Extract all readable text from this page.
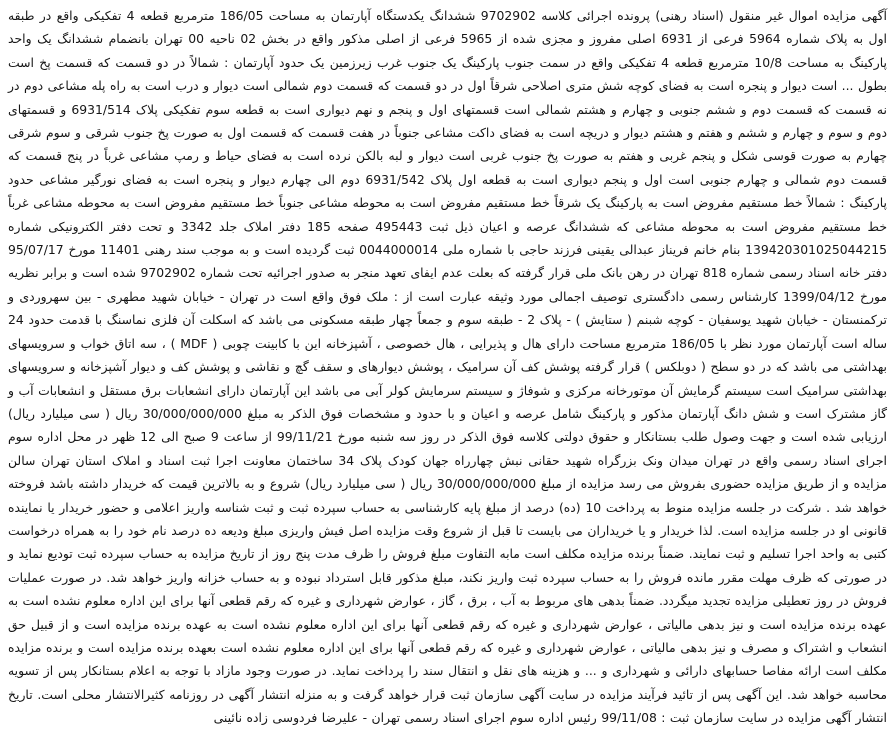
آگهی مزایده اموال غیر منقول (اسناد رهنی) پرونده اجرائی کلاسه 9702902 ششدانگ یکدستگاه آپارتمان به مساحت 186/05 مترمربع قطعه 4 تفکیکی واقع در طبقه اول به پلاک شماره 5964 فرعی از 6931 اصلی مفروز و مجزی شده از 5965 فرعی از اصلی مذکور واقع در بخش 02 ناحیه 00 تهران بانضمام ششدانگ یک واحد پارکینگ به مساحت 10/8 مترمربع قطعه 4 تفکیکی واقع در سمت جنوب پارکینگ یک جنوب غرب زیرزمین یک حدود آپارتمان : شمالاً در دو قسمت که قسمت پخ است بطول ... است دیوار و پنجره است به فضای کوچه شش متری اصلاحی شرقاً اول در دو قسمت که قسمت دوم شمالی است دیوار و درب است به راه پله مشاعی دوم در نه قسمت که قسمت دوم و ششم جنوبی و چهارم و هشتم شمالی است قسمتهای اول و پنجم و نهم دیواری است به قطعه سوم تفکیکی پلاک 6931/514 و قسمتهای دوم و سوم و چهارم و ششم و هفتم و هشتم دیوار و دریچه است به فضای داکت مشاعی جنوباً در هفت قسمت که قسمت اول به صورت پخ جنوب شرقی و سوم شرقی چهارم به صورت قوسی شکل و پنجم غربی و هفتم به صورت پخ جنوب غربی است دیوار و لبه بالکن نرده است به فضای حیاط و رمپ مشاعی غرباً در پنج قسمت که قسمت دوم شمالی و چهارم جنوبی است اول و پنجم دیواری است به قطعه اول پلاک 6931/542 دوم الی چهارم دیوار و پنجره است به فضای نورگیر مشاعی حدود پارکینگ : شمالاً خط مستقیم مفروض است به پارکینگ یک شرقاً خط مستقیم مفروض است به محوطه مشاعی جنوباً خط مستقیم مفروض است به محوطه مشاعی غرباً خط مستقیم مفروض است به محوطه مشاعی که ششدانگ عرصه و اعیان ذیل ثبت 495443 صفحه 185 دفتر املاک جلد 3342 و تحت دفتر الکترونیکی شماره 139420301025044215 بنام خانم فریناز عبدالی یقینی فرزند حاجی با شماره ملی 0044000014 ثبت گردیده است و به موجب سند رهنی 11401 مورخ 95/07/17 دفتر خانه اسناد رسمی شماره 818 تهران در رهن بانک ملی قرار گرفته که بعلت عدم ایفای تعهد منجر به صدور اجرائیه تحت شماره 9702902 شده است و برابر نظریه مورخ 1399/04/12 کارشناس رسمی دادگستری توصیف اجمالی مورد وثیقه عبارت است از : ملک فوق واقع است در تهران - خیابان شهید مطهری - بین سهروردی و ترکمنستان - خیابان شهید یوسفیان - کوچه شبنم ( ستایش ) - پلاک 2 - طبقه سوم و جمعاً چهار طبقه مسکونی می باشد که اسکلت آن فلزی نماسنگ با قدمت حدود 24 ساله است آپارتمان مورد نظر با 186/05 مترمربع مساحت دارای هال و پذیرایی ، هال خصوصی ، آشپزخانه این با کابینت چوبی ( MDF ) ، سه اتاق خواب و سرویسهای بهداشتی می باشد که در دو سطح ( دوبلکس ) قرار گرفته پوشش کف آن سرامیک ، پوشش دیوارهای و سقف گچ و نقاشی و پوشش کف و دیوار آشپزخانه و سرویسهای بهداشتی سرامیک است سیستم گرمایش آن موتورخانه مرکزی و شوفاژ و سیستم سرمایش کولر آبی می باشد این آپارتمان دارای انشعابات برق مستقل و انشعابات آب و گاز مشترک است و شش دانگ آپارتمان مذکور و پارکینگ شامل عرصه و اعیان و با حدود و مشخصات فوق الذکر به مبلغ 30/000/000/000 ریال ( سی میلیارد ریال) ارزیابی شده است و جهت وصول طلب بستانکار و حقوق دولتی کلاسه فوق الذکر در روز سه شنبه مورخ 99/11/21 از ساعت 9 صبح الی 12 ظهر در محل اداره سوم اجرای اسناد رسمی واقع در تهران میدان ونک بزرگراه شهید حقانی نبش چهارراه جهان کودک پلاک 34 ساختمان معاونت اجرا ثبت اسناد و املاک استان تهران سالن مزایده و از طریق مزایده حضوری بفروش می رسد مزایده از مبلغ 30/000/000/000 ریال ( سی میلیارد ریال) شروع و به بالاترین قیمت که خریدار داشته باشد فروخته خواهد شد . شرکت در جلسه مزایده منوط به پرداخت 10 (ده) درصد از مبلغ پایه کارشناسی به حساب سپرده ثبت و ثبت شناسه واریز اعلامی و حضور خریدار یا نماینده قانونی او در جلسه مزایده است. لذا خریدار و یا خریداران می بایست تا قبل از شروع وقت مزایده اصل فیش واریزی مبلغ ودیعه ده درصد نام خود را به همراه درخواست کتبی به واحد اجرا تسلیم و ثبت نمایند. ضمناً برنده مزایده مکلف است مابه التفاوت مبلغ فروش را ظرف مدت پنج روز از تاریخ مزایده به حساب سپرده ثبت تودیع نماید و در صورتی که ظرف مهلت مقرر مانده فروش را به حساب سپرده ثبت واریز نکند، مبلغ مذکور قابل استرداد نبوده و به حساب خزانه واریز خواهد شد. در صورت عملیات فروش در روز تعطیلی مزایده تجدید میگردد. ضمناً بدهی های مربوط به آب ، برق ، گاز ، عوارض شهرداری و غیره که رقم قطعی آنها برای این اداره معلوم نشده است به عهده برنده مزایده است و نیز بدهی مالیاتی ، عوارض شهرداری و غیره که رقم قطعی آنها برای این اداره معلوم نشده است به عهده برنده مزایده است و از قبیل حق انشعاب و اشتراک و مصرف و نیز بدهی مالیاتی ، عوارض شهرداری و غیره که رقم قطعی آنها برای این اداره معلوم نشده است بعهده برنده مزایده است و برنده مزایده مکلف است ارائه مفاصا حسابهای دارائی و شهرداری و ... و هزینه های نقل و انتقال سند را پرداخت نماید. در صورت وجود مازاد با توجه به اعلام بستانکار پس از تسویه محاسبه خواهد شد. این آگهی پس از تائید فرآیند مزایده در سایت آگهی سازمان ثبت قرار خواهد گرفت و به منزله انتشار آگهی در روزنامه کثیرالانتشار محلی است. تاریخ انتشار آگهی مزایده در سایت سازمان ثبت : 99/11/08 رئیس اداره سوم اجرای اسناد رسمی تهران - علیرضا فردوسی زاده نائینی
